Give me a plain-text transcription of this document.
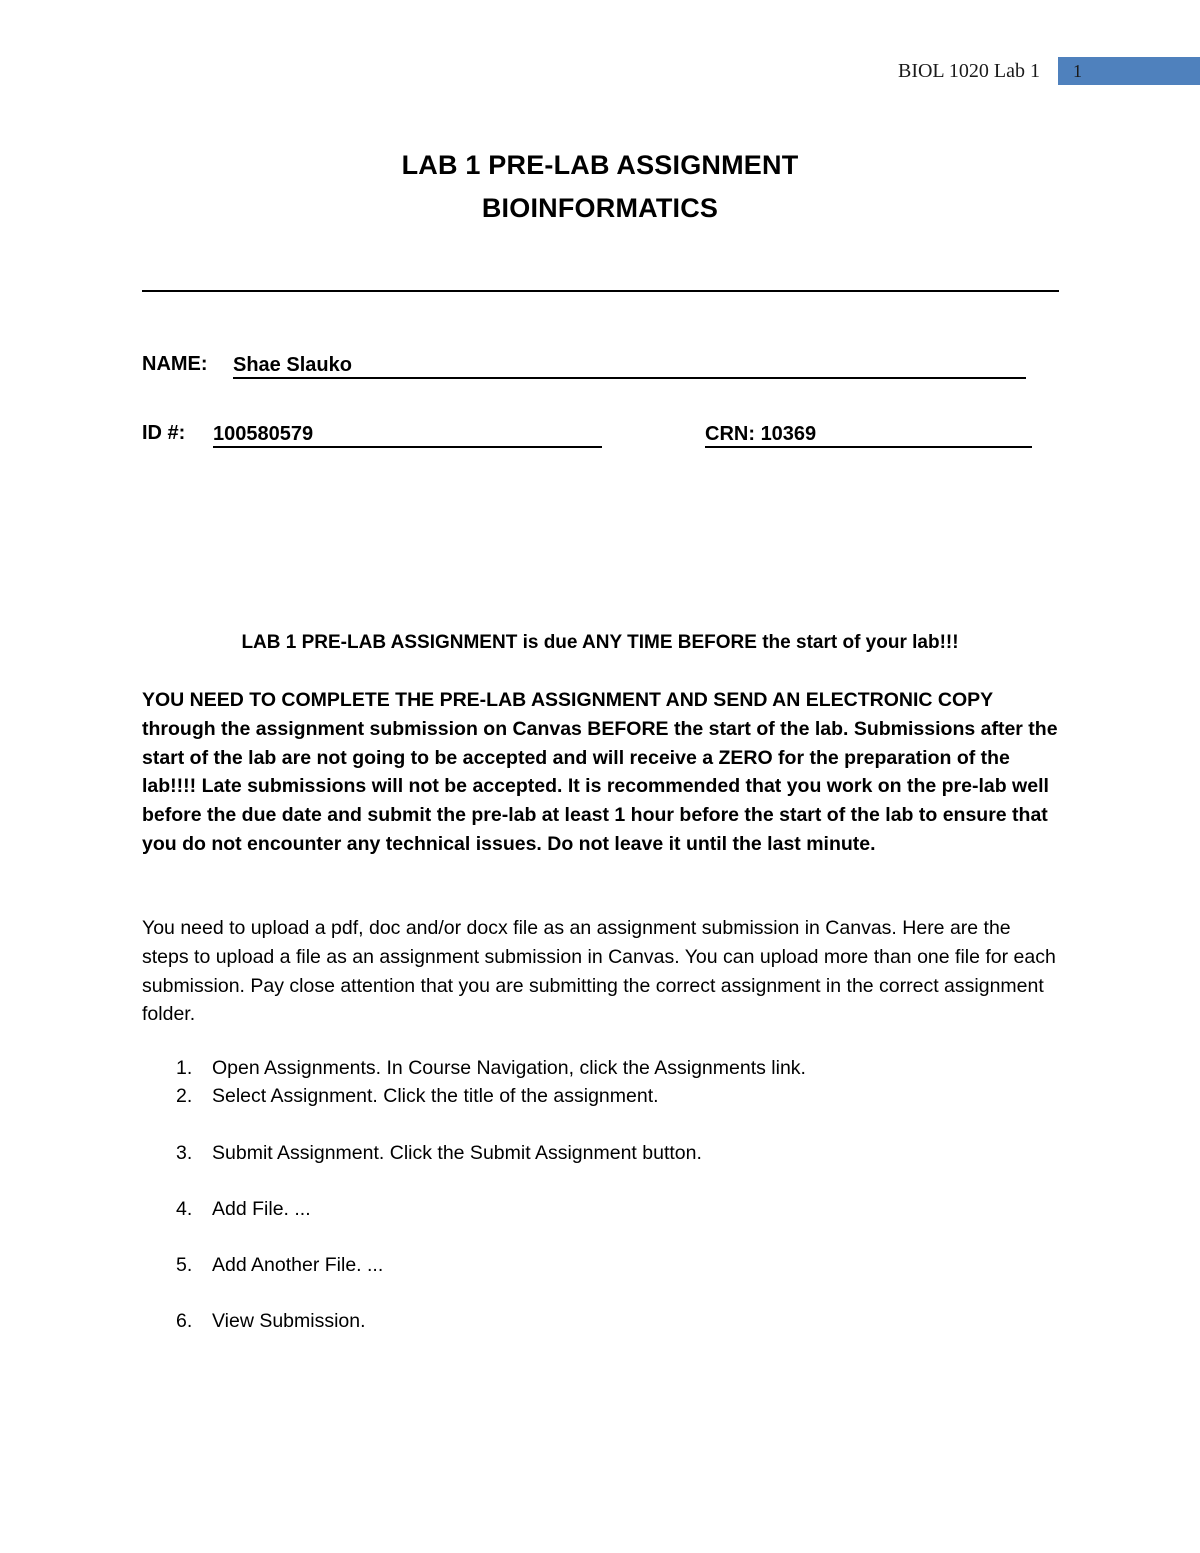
BIOL 1020 Lab 1 1
LAB 1 PRE-LAB ASSIGNMENT
BIOINFORMATICS
NAME: Shae Slauko
ID #: 100580579	CRN: 10369
LAB 1 PRE-LAB ASSIGNMENT is due ANY TIME BEFORE the start of your lab!!!
YOU NEED TO COMPLETE THE PRE-LAB ASSIGNMENT AND SEND AN ELECTRONIC COPY through the assignment submission on Canvas BEFORE the start of the lab. Submissions after the start of the lab are not going to be accepted and will receive a ZERO for the preparation of the lab!!!! Late submissions will not be accepted. It is recommended that you work on the pre-lab well before the due date and submit the pre-lab at least 1 hour before the start of the lab to ensure that you do not encounter any technical issues. Do not leave it until the last minute.
You need to upload a pdf, doc and/or docx file as an assignment submission in Canvas. Here are the steps to upload a file as an assignment submission in Canvas. You can upload more than one file for each submission. Pay close attention that you are submitting the correct assignment in the correct assignment folder.
1. Open Assignments. In Course Navigation, click the Assignments link.
2. Select Assignment. Click the title of the assignment.
3. Submit Assignment. Click the Submit Assignment button.
4. Add File. ...
5. Add Another File. ...
6. View Submission.
